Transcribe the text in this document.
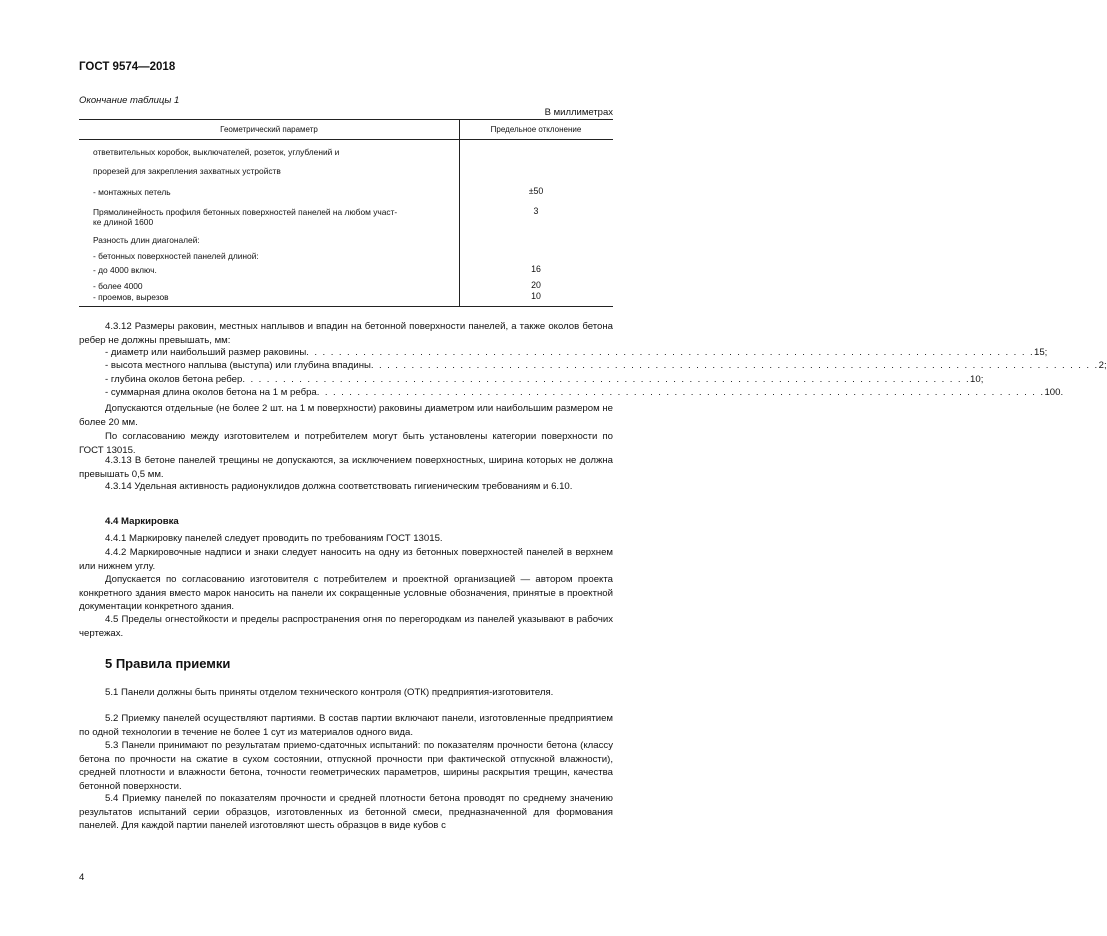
ГОСТ 9574—2018
Окончание таблицы 1
В миллиметрах
Геометрический параметр	Предельное отклонение
ответвительных коробок, выключателей, розеток, углублений и
прорезей для закрепления захватных устройств
- монтажных петель	±50
Прямолинейность профиля бетонных поверхностей панелей на любом участ-	3
ке длиной 1600
Разность длин диагоналей:
- бетонных поверхностей панелей длиной:
- до 4000 включ.	16
- более 4000	20
- проемов, вырезов	10
4.3.12 Размеры раковин, местных наплывов и впадин на бетонной поверхности панелей, а также околов бетона ребер не должны превышать, мм:
- диаметр или наибольший размер раковины . . . . . . . . . . . . . . . . . . . . . . . . . . . . . . . . . . . . . . . . . . . . . . . . . . . . . . . . . . . . . . . . . . . . . . . . . . . . . . . . . . . . . . . . . . 15;
- высота местного наплыва (выступа) или глубина впадины . . . . . . . . . . . . . . . . . . . . . . . . . . . . . . . . . . . . . . . . . . . . . . . . . . . . . . . . . . . . . . . . . . . . . . . . . . . . . . . . . . . . . . . . . . 2;
- глубина околов бетона ребер . . . . . . . . . . . . . . . . . . . . . . . . . . . . . . . . . . . . . . . . . . . . . . . . . . . . . . . . . . . . . . . . . . . . . . . . . . . . . . . . . . . . . . . . . . 10;
- суммарная длина околов бетона на 1 м ребра . . . . . . . . . . . . . . . . . . . . . . . . . . . . . . . . . . . . . . . . . . . . . . . . . . . . . . . . . . . . . . . . . . . . . . . . . . . . . . . . . . . . . . . . . . 100.
Допускаются отдельные (не более 2 шт. на 1 м поверхности) раковины диаметром или наибольшим размером не более 20 мм.
По согласованию между изготовителем и потребителем могут быть установлены категории поверхности по ГОСТ 13015.
4.3.13 В бетоне панелей трещины не допускаются, за исключением поверхностных, ширина которых не должна превышать 0,5 мм.
4.3.14 Удельная активность радионуклидов должна соответствовать гигиеническим требованиям и 6.10.
4.4 Маркировка
4.4.1 Маркировку панелей следует проводить по требованиям ГОСТ 13015.
4.4.2 Маркировочные надписи и знаки следует наносить на одну из бетонных поверхностей панелей в верхнем или нижнем углу.
Допускается по согласованию изготовителя с потребителем и проектной организацией — автором проекта конкретного здания вместо марок наносить на панели их сокращенные условные обозначения, принятые в проектной документации конкретного здания.
4.5 Пределы огнестойкости и пределы распространения огня по перегородкам из панелей указывают в рабочих чертежах.
5 Правила приемки
5.1 Панели должны быть приняты отделом технического контроля (ОТК) предприятия-изготовителя.
5.2 Приемку панелей осуществляют партиями. В состав партии включают панели, изготовленные предприятием по одной технологии в течение не более 1 сут из материалов одного вида.
5.3 Панели принимают по результатам приемо-сдаточных испытаний: по показателям прочности бетона (классу бетона по прочности на сжатие в сухом состоянии, отпускной прочности при фактической отпускной влажности), средней плотности и влажности бетона, точности геометрических параметров, ширины раскрытия трещин, качества бетонной поверхности.
5.4 Приемку панелей по показателям прочности и средней плотности бетона проводят по среднему значению результатов испытаний серии образцов, изготовленных из бетонной смеси, предназначенной для формования панелей. Для каждой партии панелей изготовляют шесть образцов в виде кубов с
4
